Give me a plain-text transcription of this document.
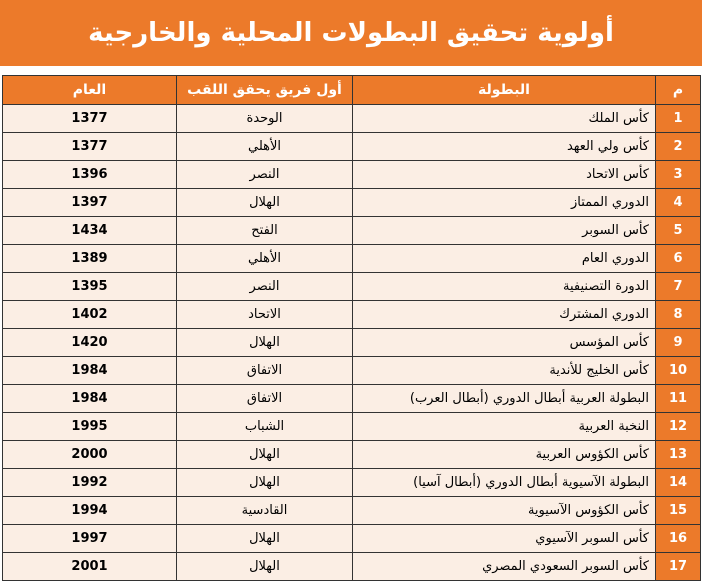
أولوية تحقيق البطولات المحلية والخارجية
م	البطولة	أول فريق يحقق اللقب	العام
1	كأس الملك	الوحدة	1377
2	كأس ولي العهد	الأهلي	1377
3	كأس الاتحاد	النصر	1396
4	الدوري الممتاز	الهلال	1397
5	كأس السوبر	الفتح	1434
6	الدوري العام	الأهلي	1389
7	الدورة التصنيفية	النصر	1395
8	الدوري المشترك	الاتحاد	1402
9	كأس المؤسس	الهلال	1420
10	كأس الخليج للأندية	الاتفاق	1984
11	البطولة العربية أبطال الدوري (أبطال العرب)	الاتفاق	1984
12	النخبة العربية	الشباب	1995
13	كأس الكؤوس العربية	الهلال	2000
14	البطولة الآسيوية أبطال الدوري (أبطال آسيا)	الهلال	1992
15	كأس الكؤوس الآسيوية	القادسية	1994
16	كأس السوبر الآسيوي	الهلال	1997
17	كأس السوبر السعودي المصري	الهلال	2001
